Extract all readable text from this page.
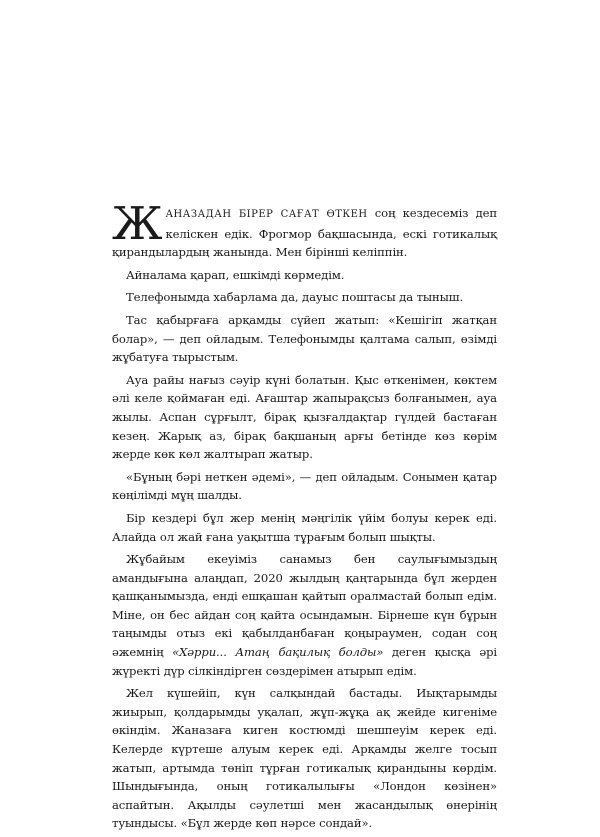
ЖАНАЗАДАН БІРЕР САҒАТ ӨТКЕН соң кездесеміз деп келіскен едік. Фрогмор бақшасында, ескі готикалық қирандылардың жанында. Мен бірінші келіппін.

Айналама қарап, ешкімді көрмедім.

Телефонымда хабарлама да, дауыс поштасы да тыныш.

Тас қабырғаға арқамды сүйеп жатып: «Кешігіп жатқан болар», — деп ойладым. Телефонымды қалтама салып, өзімді жұбатуға тырыстым.

Ауа райы нағыз сәуір күні болатын. Қыс өткенімен, көктем әлі келе қоймаған еді. Ағаштар жапырақсыз болғанымен, ауа жылы. Аспан сұрғылт, бірақ қызғалдақтар гүлдей бастаған кезең. Жарық аз, бірақ бақшаның арғы бетінде көз көрім жерде көк көл жалтырап жатыр.

«Бұның бәрі неткен әдемі», — деп ойладым. Сонымен қатар көңілімді мұң шалды.

Бір кездері бұл жер менің мәңгілік үйім болуы керек еді. Алайда ол жай ғана уақытша тұрағым болып шықты.

Жұбайым екеуіміз санамыз бен саулығымыздың амандығына алаңдап, 2020 жылдың қаңтарында бұл жерден қашқанымызда, енді ешқашан қайтып оралмастай болып едім. Міне, он бес айдан соң қайта осындамын. Бірнеше күн бұрын таңымды отыз екі қабылданбаған қоңыраумен, содан соң әжемнің «Хәрри... Атаң бақилық болды» деген қысқа әрі жүректі дүр сілкіндірген сөздерімен атырып едім.

Жел күшейіп, күн салқындай бастады. Иықтарымды жиырып, қолдарымды уқалап, жұп-жұқа ақ жейде кигеніме өкіндім. Жаназаға киген костюмді шешпеуім керек еді. Келерде күртеше алуым керек еді. Арқамды желге тосып жатып, артымда төніп тұрған готикалық қирандыны көрдім. Шындығында, оның готикалылығы «Лондон көзінен» аспайтын. Ақылды сәулетші мен жасандылық өнерінің туындысы. «Бұл жерде көп нәрсе сондай».
